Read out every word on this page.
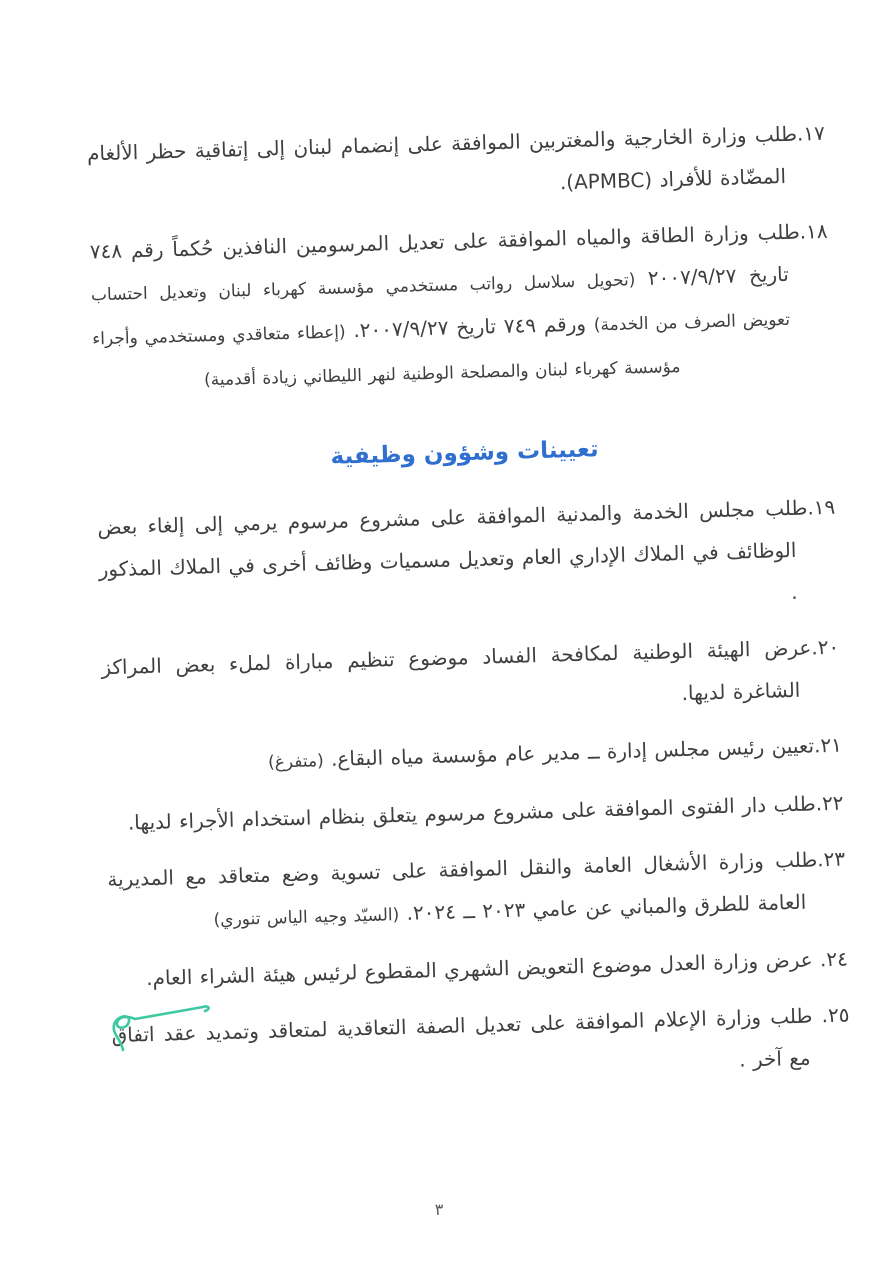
١٧.طلب وزارة الخارجية والمغتربين الموافقة على إنضمام لبنان إلى إتفاقية حظر الألغام المضّادة للأفراد (APMBC).

١٨.طلب وزارة الطاقة والمياه الموافقة على تعديل المرسومين النافذين حُكماً رقم ٧٤٨ تاريخ ٢٠٠٧/٩/٢٧ (تحويل سلاسل رواتب مستخدمي مؤسسة كهرباء لبنان وتعديل احتساب تعويض الصرف من الخدمة) ورقم ٧٤٩ تاريخ ٢٠٠٧/٩/٢٧. (إعطاء متعاقدي ومستخدمي وأجراء مؤسسة كهرباء لبنان والمصلحة الوطنية لنهر الليطاني زيادة أقدمية)

تعيينات وشؤون وظيفية

١٩.طلب مجلس الخدمة والمدنية الموافقة على مشروع مرسوم يرمي إلى إلغاء بعض الوظائف في الملاك الإداري العام وتعديل مسميات وظائف أخرى في الملاك المذكور .

٢٠.عرض الهيئة الوطنية لمكافحة الفساد موضوع تنظيم مباراة لملء بعض المراكز الشاغرة لديها.

٢١.تعيين رئيس مجلس إدارة ــ مدير عام مؤسسة مياه البقاع. (متفرغ)

٢٢.طلب دار الفتوى الموافقة على مشروع مرسوم يتعلق بنظام استخدام الأجراء لديها.

٢٣.طلب وزارة الأشغال العامة والنقل الموافقة على تسوية وضع متعاقد مع المديرية العامة للطرق والمباني عن عامي ٢٠٢٣ ــ ٢٠٢٤. (السيّد وجيه الياس تنوري)

٢٤. عرض وزارة العدل موضوع التعويض الشهري المقطوع لرئيس هيئة الشراء العام.

٢٥. طلب وزارة الإعلام الموافقة على تعديل الصفة التعاقدية لمتعاقد وتمديد عقد اتفاق مع آخر .

٣
